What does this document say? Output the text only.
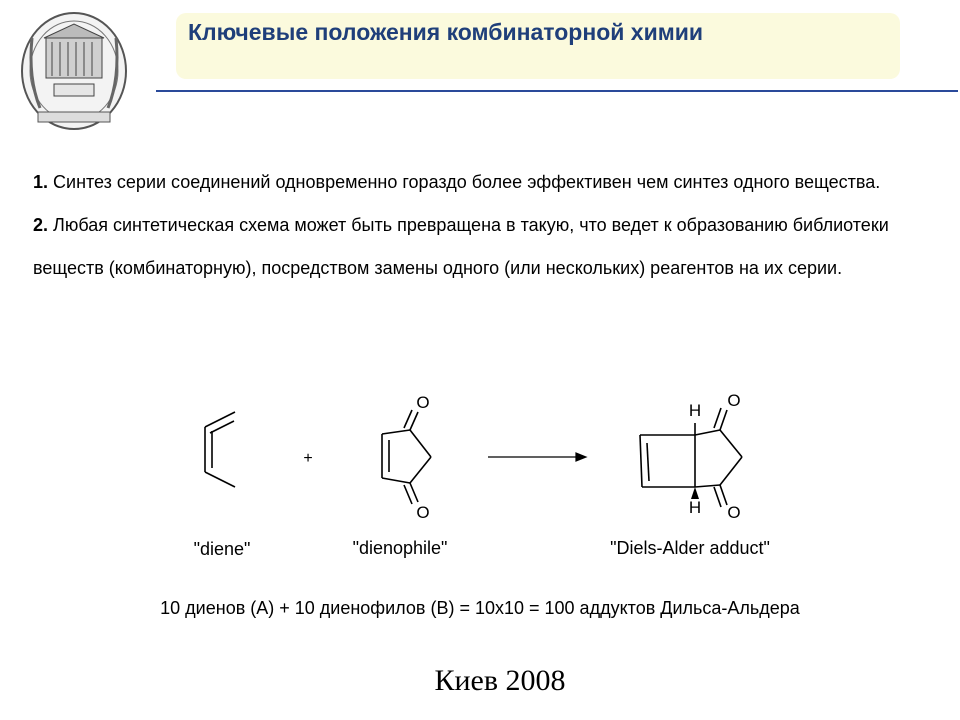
Ключевые положения комбинаторной химии
1. Синтез серии соединений одновременно гораздо более эффективен чем синтез одного вещества.
2. Любая синтетическая схема может быть превращена в такую, что ведет к образованию библиотеки веществ (комбинаторную), посредством замены одного (или нескольких) реагентов на их серии.
+
O
O
H
H
O
O
"diene"	"dienophile"	"Diels-Alder adduct"
10 диенов (А) + 10 диенофилов (В) = 10х10 = 100 аддуктов Дильса-Альдера
Киев 2008
